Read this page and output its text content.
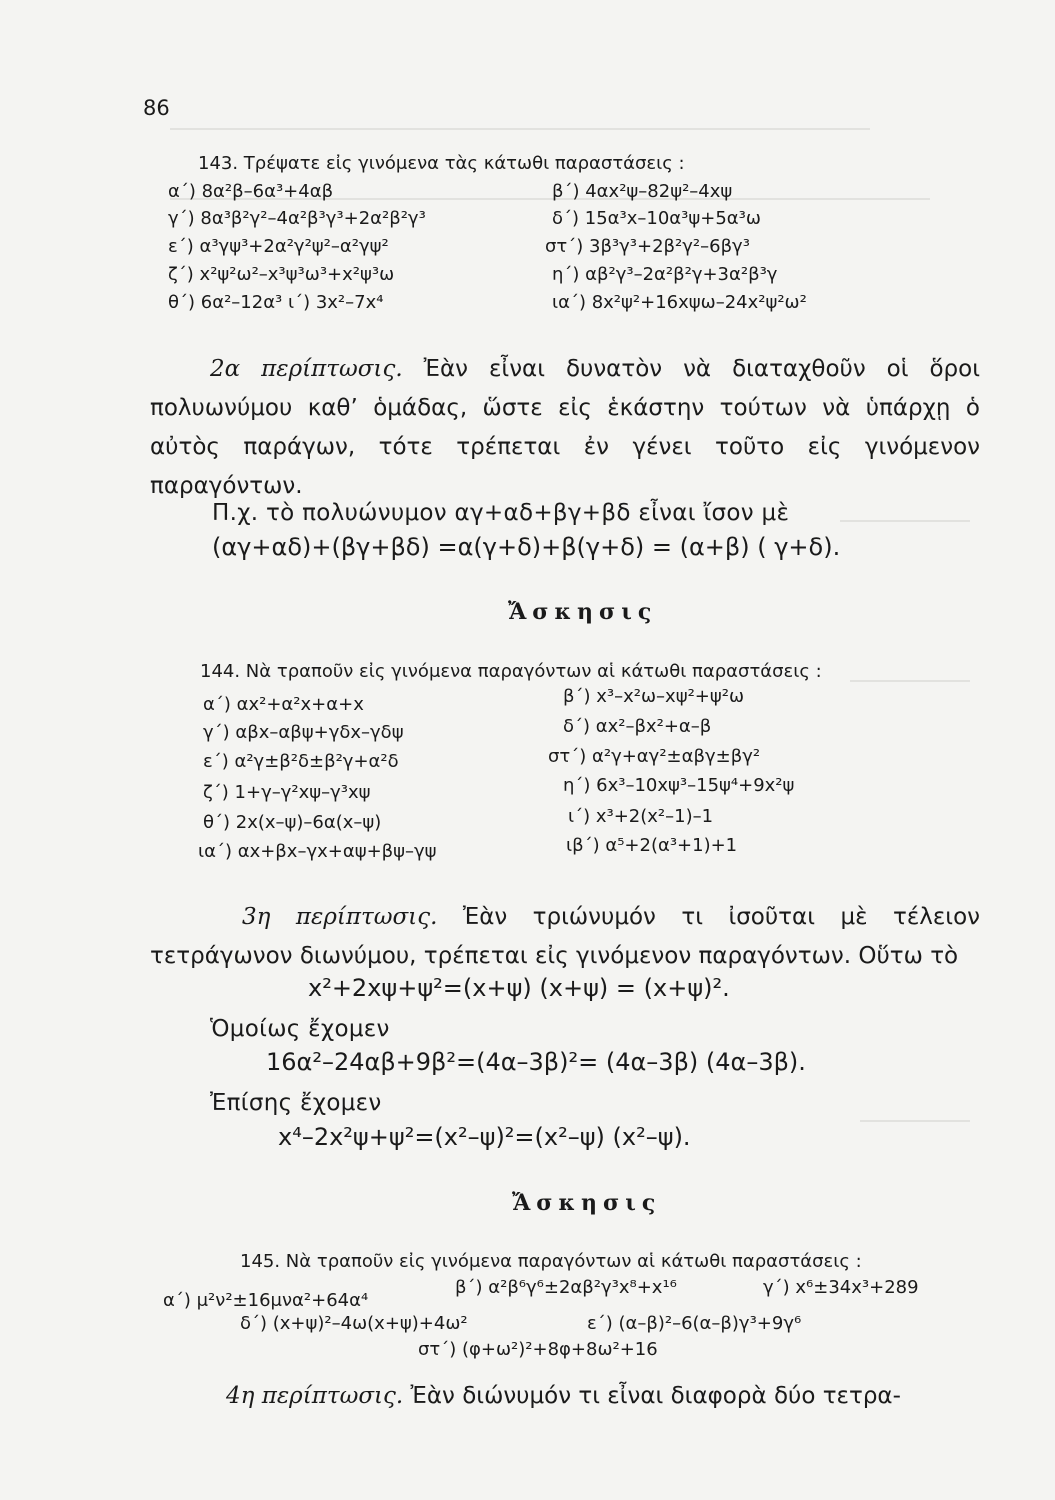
86
143. Τρέψατε εἰς γινόμενα τὰς κάτωθι παραστάσεις :
α΄) 8α²β–6α³+4αβ	β΄) 4αx²ψ–82ψ²–4xψ
γ΄) 8α³β²γ²–4α²β³γ³+2α²β²γ³	δ΄) 15α³x–10α³ψ+5α³ω
ε΄) α³γψ³+2α²γ²ψ²–α²γψ²	στ΄) 3β³γ³+2β²γ²–6βγ³
ζ΄) x²ψ²ω²–x³ψ³ω³+x²ψ³ω	η΄) αβ²γ³–2α²β²γ+3α²β³γ
θ΄) 6α²–12α³ ι΄) 3x²–7x⁴	ια΄) 8x²ψ²+16xψω–24x²ψ²ω²
2α περίπτωσις. Ἐὰν εἶναι δυνατὸν νὰ διαταχθοῦν οἱ ὅροι πολυωνύμου καθ’ ὁμάδας, ὥστε εἰς ἑκάστην τούτων νὰ ὑπάρχῃ ὁ αὐτὸς παράγων, τότε τρέπεται ἐν γένει τοῦτο εἰς γινόμενον παραγόντων.
Π.χ. τὸ πολυώνυμον αγ+αδ+βγ+βδ εἶναι ἴσον μὲ
(αγ+αδ)+(βγ+βδ) =α(γ+δ)+β(γ+δ) = (α+β) ( γ+δ).
Ἄσκησις
144. Νὰ τραποῦν εἰς γινόμενα παραγόντων αἱ κάτωθι παραστάσεις :
α΄) αx²+α²x+α+x	β΄) x³–x²ω–xψ²+ψ²ω
γ΄) αβx–αβψ+γδx–γδψ	δ΄) αx²–βx²+α–β
ε΄) α²γ±β²δ±β²γ+α²δ	στ΄) α²γ+αγ²±αβγ±βγ²
ζ΄) 1+γ–γ²xψ–γ³xψ	η΄) 6x³–10xψ³–15ψ⁴+9x²ψ
θ΄) 2x(x–ψ)–6α(x–ψ)	ι΄) x³+2(x²–1)–1
ια΄) αx+βx–γx+αψ+βψ–γψ	ιβ΄) α⁵+2(α³+1)+1
3η περίπτωσις. Ἐὰν τριώνυμόν τι ἰσοῦται μὲ τέλειον τετράγωνον διωνύμου, τρέπεται εἰς γινόμενον παραγόντων. Οὕτω τὸ
x²+2xψ+ψ²=(x+ψ) (x+ψ) = (x+ψ)².
Ὁμοίως ἔχομεν
16α²–24αβ+9β²=(4α–3β)²= (4α–3β) (4α–3β).
Ἐπίσης ἔχομεν
x⁴–2x²ψ+ψ²=(x²–ψ)²=(x²–ψ) (x²–ψ).
Ἄσκησις
145. Νὰ τραποῦν εἰς γινόμενα παραγόντων αἱ κάτωθι παραστάσεις :
α΄) μ²ν²±16μνα²+64α⁴
β΄) α²β⁶γ⁶±2αβ²γ³x⁸+x¹⁶	γ΄) x⁶±34x³+289
δ΄) (x+ψ)²–4ω(x+ψ)+4ω²	ε΄) (α–β)²–6(α–β)γ³+9γ⁶
στ΄) (φ+ω²)²+8φ+8ω²+16
4η περίπτωσις. Ἐὰν διώνυμόν τι εἶναι διαφορὰ δύο τετρα-
